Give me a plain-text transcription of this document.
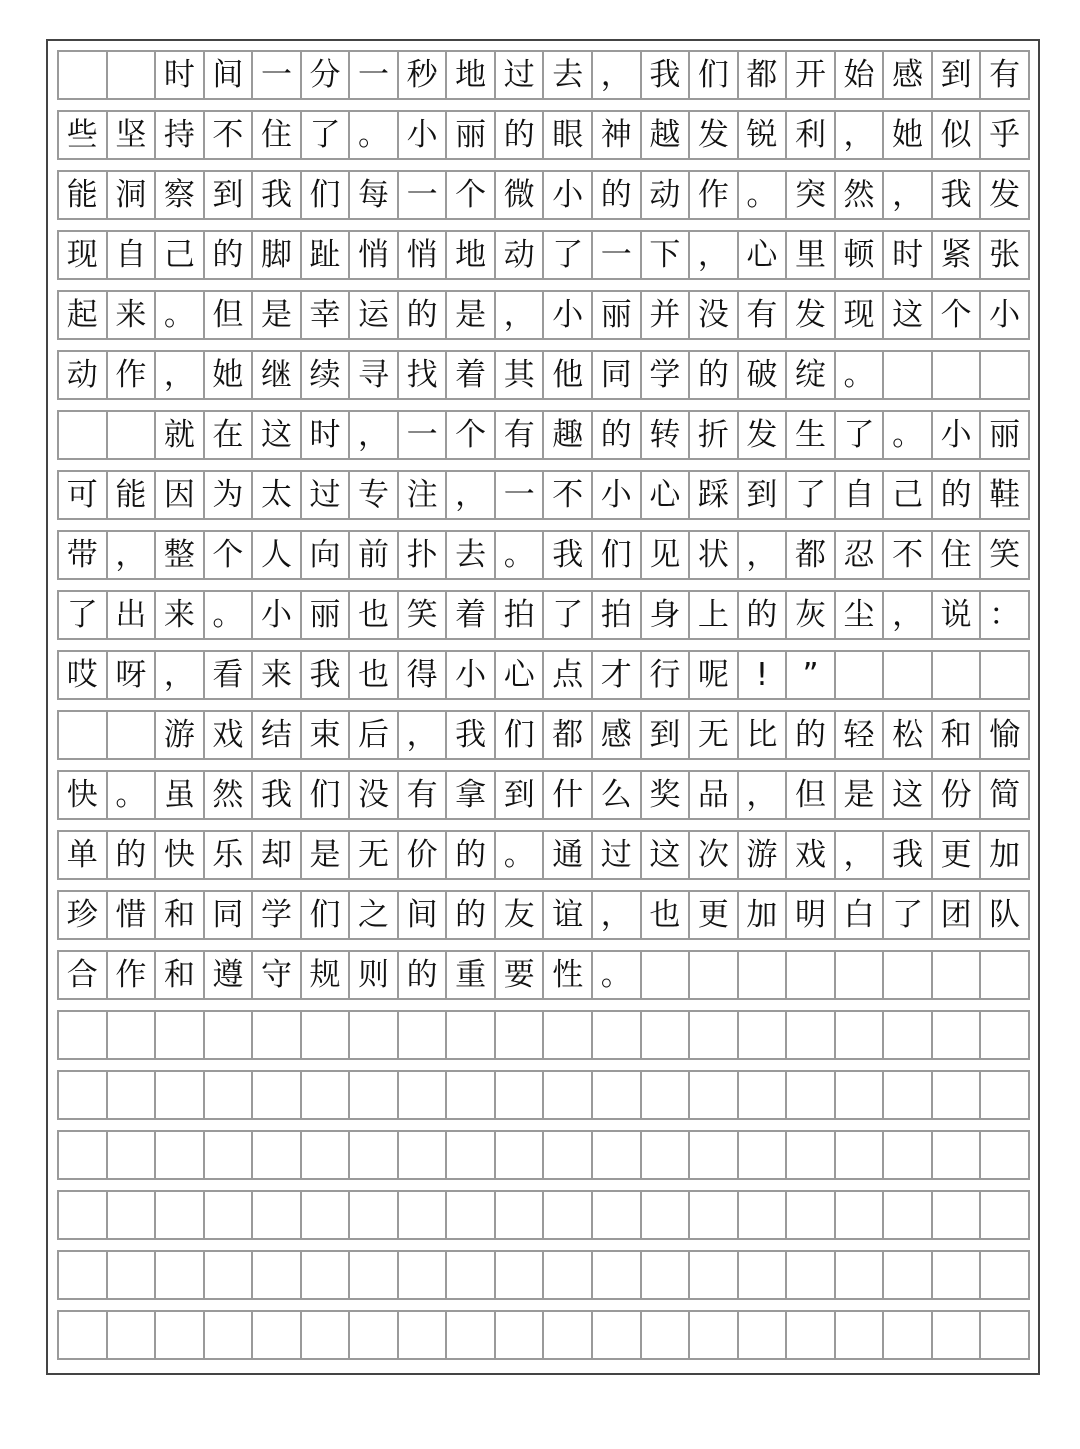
时 间 一 分 一 秒 地 过 去 ， 我 们 都 开 始 感 到 有
些 坚 持 不 住 了 。 小 丽 的 眼 神 越 发 锐 利 ， 她 似 乎
能 洞 察 到 我 们 每 一 个 微 小 的 动 作 。 突 然 ， 我 发
现 自 己 的 脚 趾 悄 悄 地 动 了 一 下 ， 心 里 顿 时 紧 张
起 来 。 但 是 幸 运 的 是 ， 小 丽 并 没 有 发 现 这 个 小
动 作 ， 她 继 续 寻 找 着 其 他 同 学 的 破 绽 。
就 在 这 时 ， 一 个 有 趣 的 转 折 发 生 了 。 小 丽
可 能 因 为 太 过 专 注 ， 一 不 小 心 踩 到 了 自 己 的 鞋
带 ， 整 个 人 向 前 扑 去 。 我 们 见 状 ， 都 忍 不 住 笑
了 出 来 。 小 丽 也 笑 着 拍 了 拍 身 上 的 灰 尘 ， 说 ：
哎 呀 ， 看 来 我 也 得 小 心 点 才 行 呢 !	”
游 戏 结 束 后 ， 我 们 都 感 到 无 比 的 轻 松 和 愉
快 。 虽 然 我 们 没 有 拿 到 什 么 奖 品 ， 但 是 这 份 简
单 的 快 乐 却 是 无 价 的 。 通 过 这 次 游 戏 ， 我 更 加
珍 惜 和 同 学 们 之 间 的 友 谊 ， 也 更 加 明 白 了 团 队
合 作 和 遵 守 规 则 的 重 要 性 。
